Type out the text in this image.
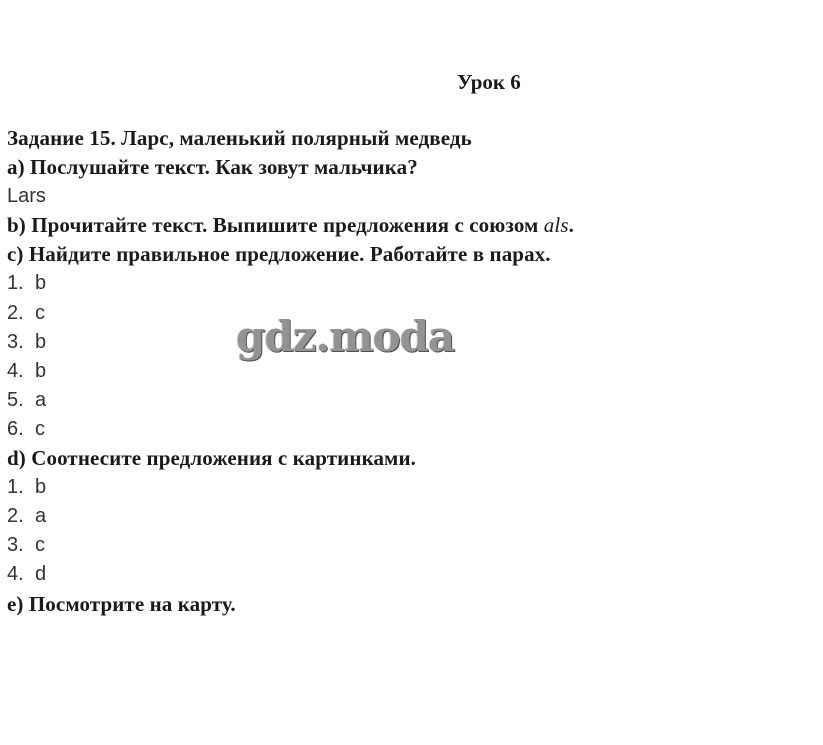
Урок 6
Задание 15. Ларс, маленький полярный медведь
а) Послушайте текст. Как зовут мальчика?
Lars
b) Прочитайте текст. Выпишите предложения с союзом als.
c) Найдите правильное предложение. Работайте в парах.
1. b
2. c
3. b
4. b
5. a
6. c
d) Соотнесите предложения с картинками.
1. b
2. a
3. c
4. d
е) Посмотрите на карту.
gdz.moda
